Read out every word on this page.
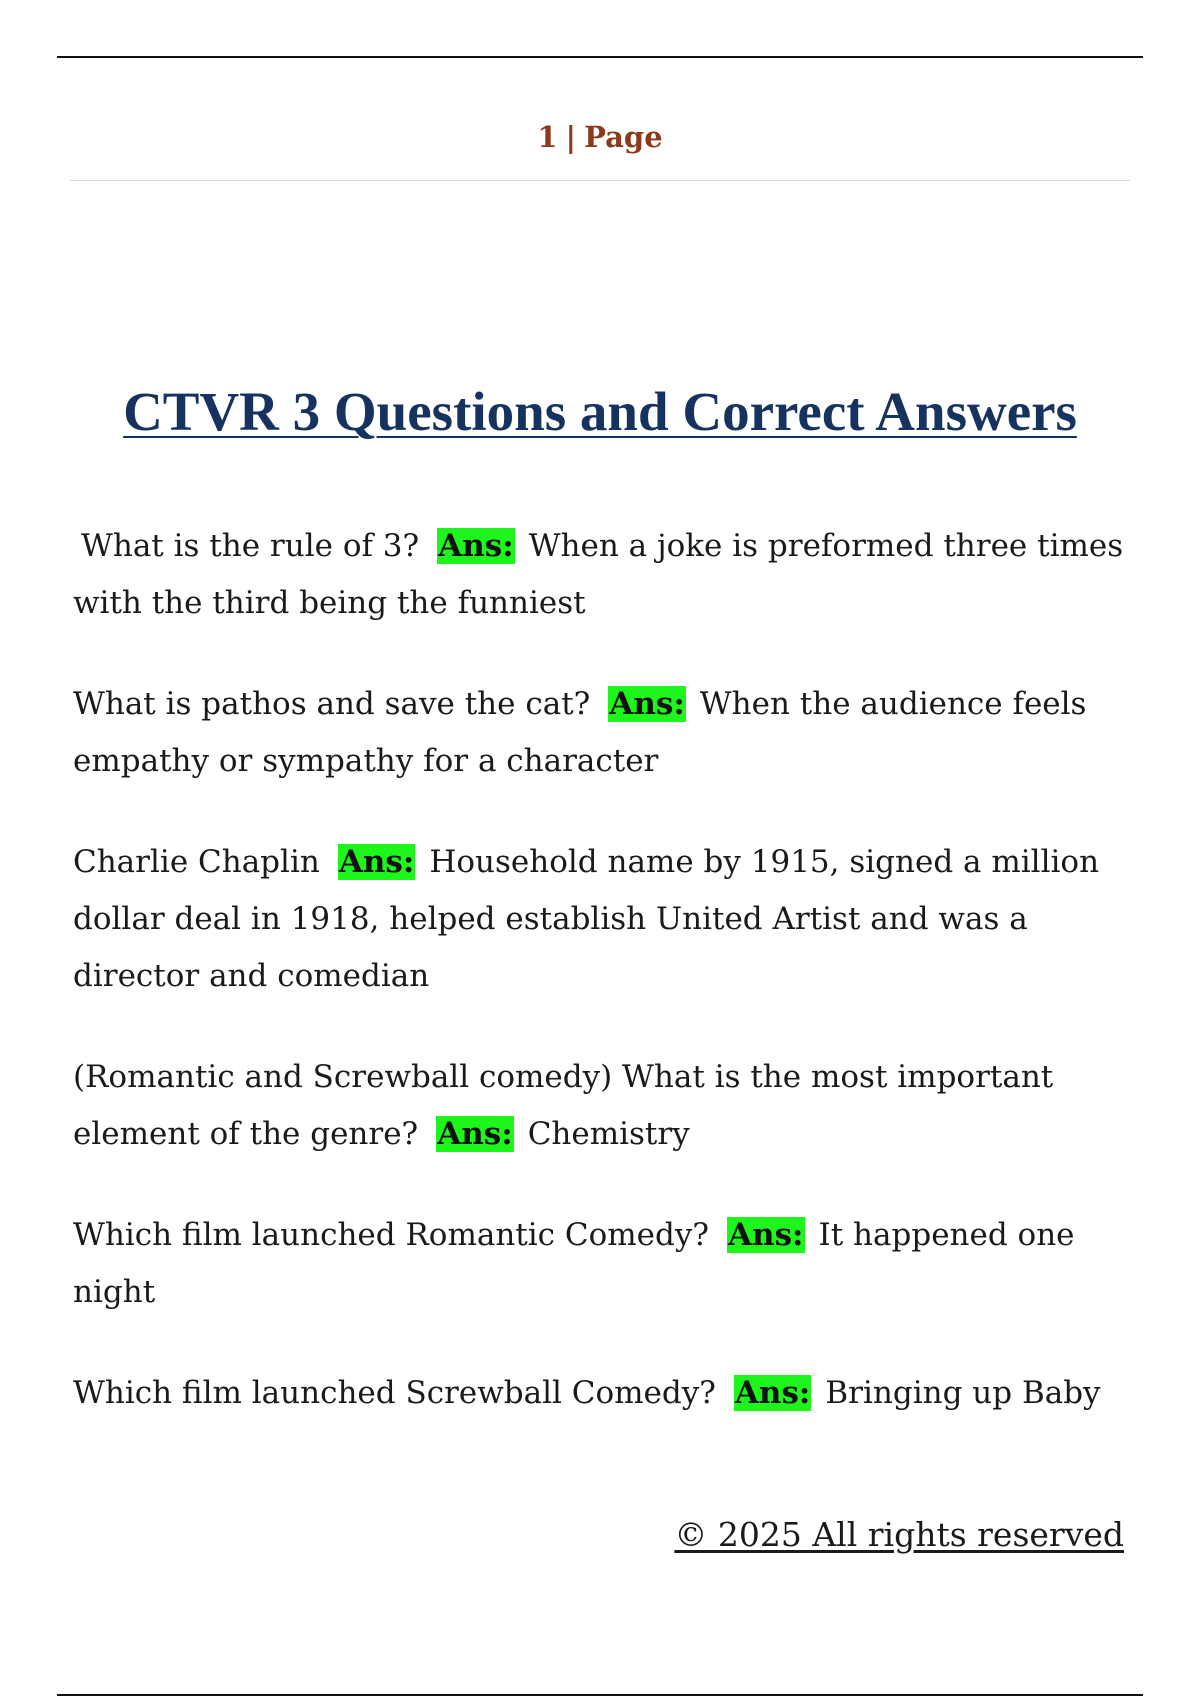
1 | Page
CTVR 3 Questions and Correct Answers

What is the rule of 3? Ans: When a joke is preformed three times with the third being the funniest

What is pathos and save the cat? Ans: When the audience feels empathy or sympathy for a character

Charlie Chaplin Ans: Household name by 1915, signed a million dollar deal in 1918, helped establish United Artist and was a director and comedian

(Romantic and Screwball comedy) What is the most important element of the genre? Ans: Chemistry

Which film launched Romantic Comedy? Ans: It happened one night

Which film launched Screwball Comedy? Ans: Bringing up Baby

© 2025 All rights reserved
